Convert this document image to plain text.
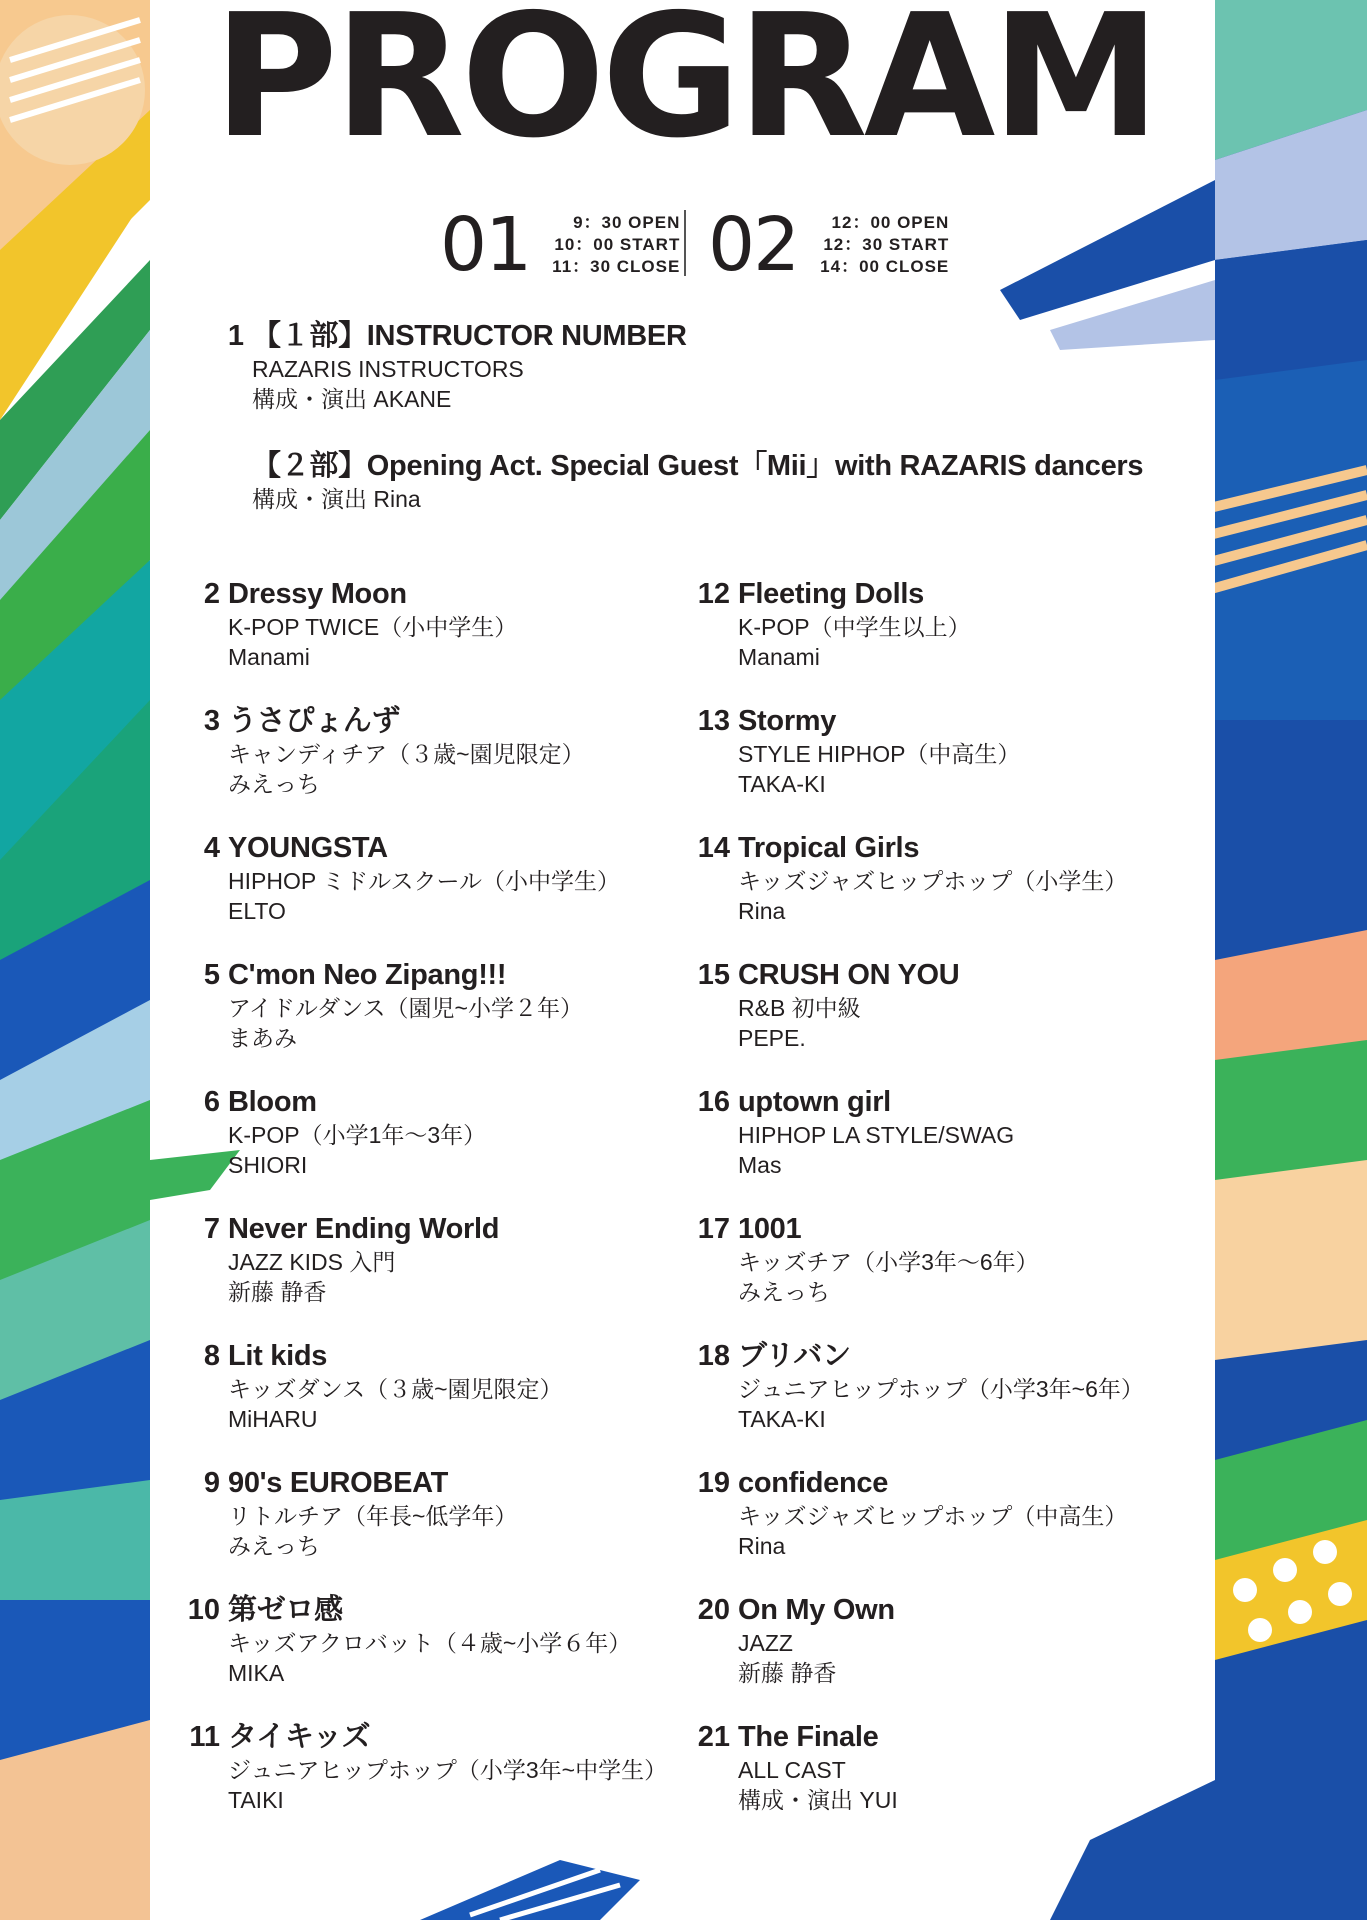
PROGRAM
01	9：30 OPEN
10：00 START
11：30 CLOSE 02	12：00 OPEN
12：30 START
14：00 CLOSE
1 【１部】INSTRUCTOR NUMBER
RAZARIS INSTRUCTORS
構成・演出 AKANE
【２部】Opening Act. Special Guest「Mii」with RAZARIS dancers
構成・演出 Rina
2 Dressy Moon
K-POP TWICE（小中学生）
Manami
3 うさぴょんず
キャンディチア（３歳~園児限定）
みえっち
4 YOUNGSTA
HIPHOP ミドルスクール（小中学生）
ELTO
5 C'mon Neo Zipang!!!
アイドルダンス（園児~小学２年）
まあみ
6 Bloom
K-POP（小学1年～3年）
SHIORI
7 Never Ending World
JAZZ KIDS 入門
新藤 静香
8 Lit kids
キッズダンス（３歳~園児限定）
MiHARU
9 90's EUROBEAT
リトルチア（年長~低学年）
みえっち
10 第ゼロ感
キッズアクロバット（４歳~小学６年）
MIKA
11 タイキッズ
ジュニアヒップホップ（小学3年~中学生）
TAIKI
12 Fleeting Dolls
K-POP（中学生以上）
Manami
13 Stormy
STYLE HIPHOP（中高生）
TAKA-KI
14 Tropical Girls
キッズジャズヒップホップ（小学生）
Rina
15 CRUSH ON YOU
R&B 初中級
PEPE.
16 uptown girl
HIPHOP LA STYLE/SWAG
Mas
17 1001
キッズチア（小学3年～6年）
みえっち
18 ブリバン
ジュニアヒップホップ（小学3年~6年）
TAKA-KI
19 confidence
キッズジャズヒップホップ（中高生）
Rina
20 On My Own
JAZZ
新藤 静香
21 The Finale
ALL CAST
構成・演出 YUI
